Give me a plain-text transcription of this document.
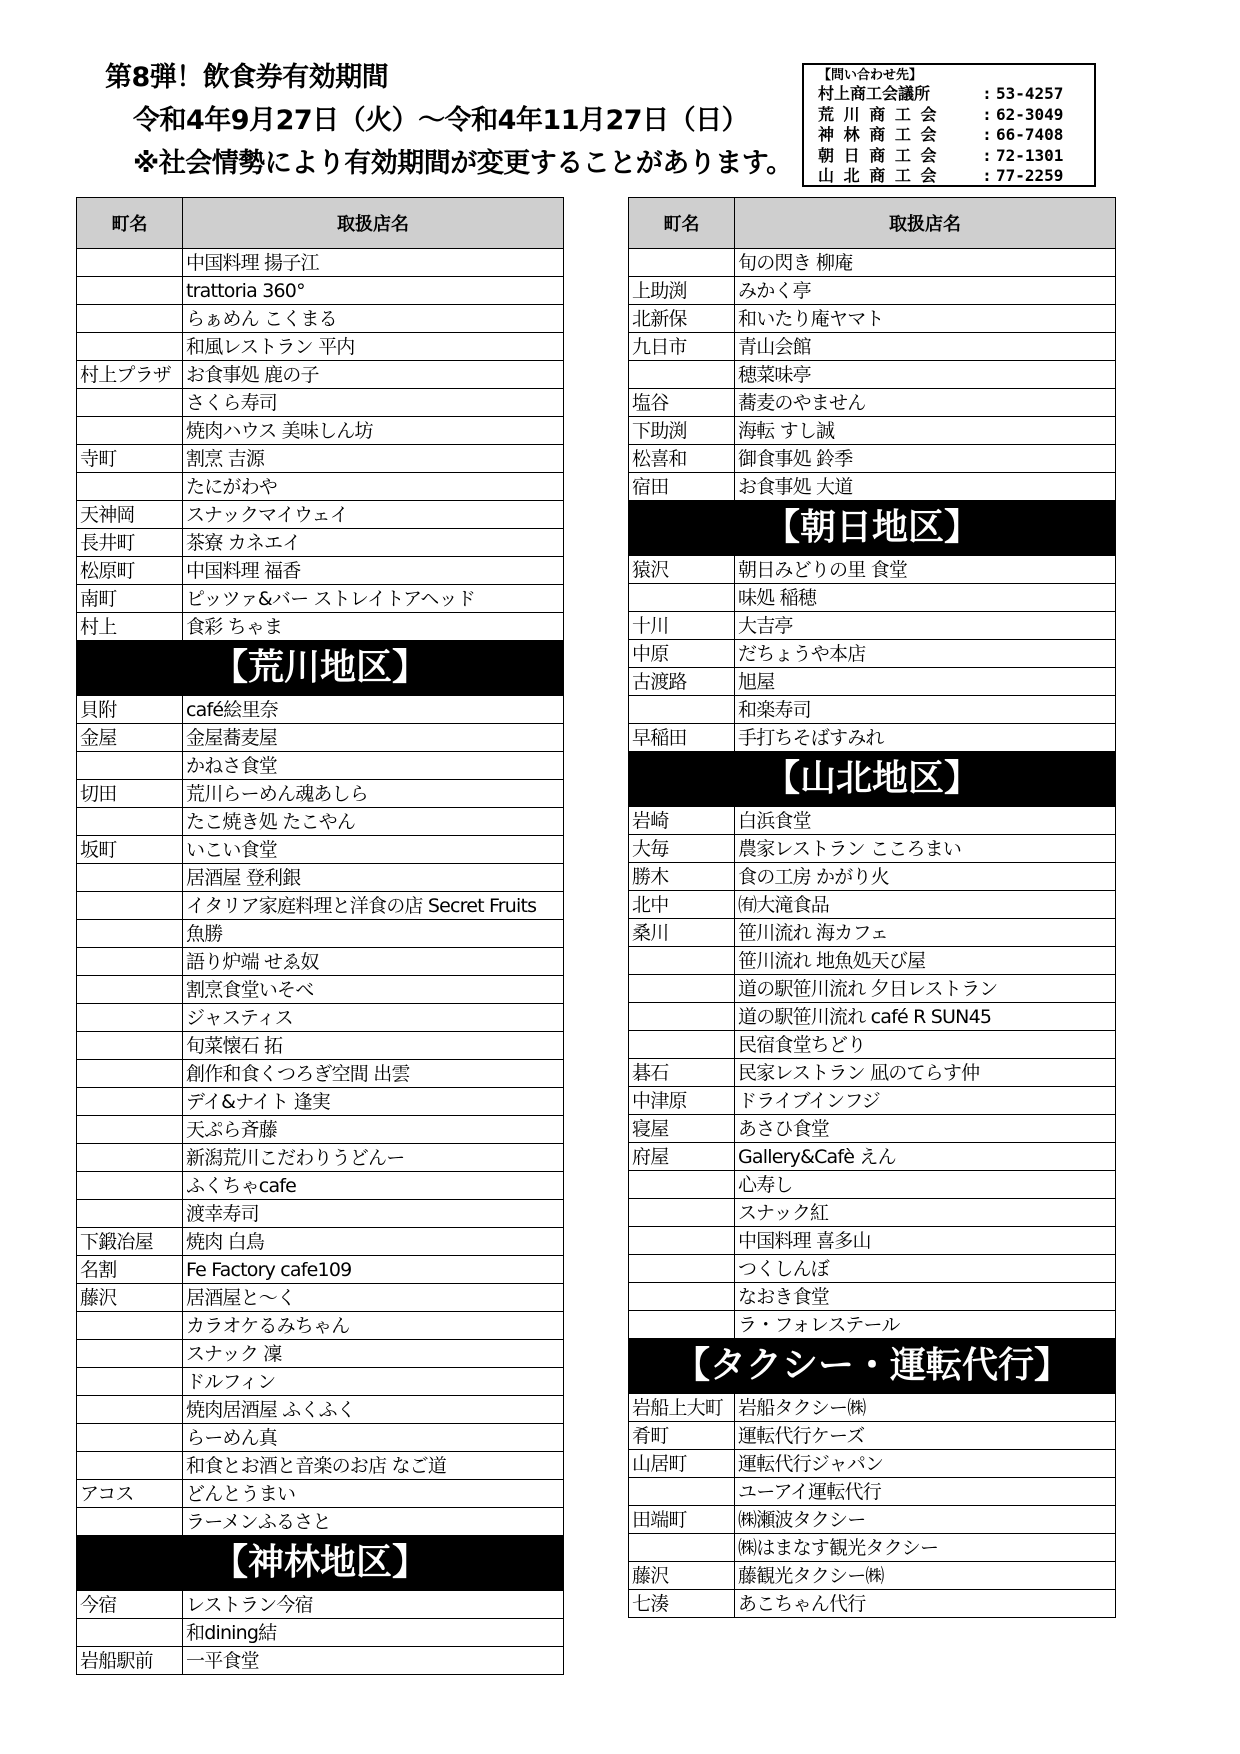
第8弾！飲食券有効期間
令和4年9月27日（火）～令和4年11月27日（日）
※社会情勢により有効期間が変更することがあります。
【問い合わせ先】
村上商工会議所	: 53-4257
荒 川 商 工 会	: 62-3049
神 林 商 工 会	: 66-7408
朝 日 商 工 会	: 72-1301
山 北 商 工 会	: 77-2259
町名	取扱店名
	中国料理 揚子江
	trattoria 360°
	らぁめん こくまる
	和風レストラン 平内
村上プラザ	お食事処 鹿の子
	さくら寿司
	焼肉ハウス 美味しん坊
寺町	割烹 吉源
	たにがわや
天神岡	スナックマイウェイ
長井町	茶寮 カネエイ
松原町	中国料理 福香
南町	ピッツァ&バー ストレイトアヘッド
村上	食彩 ちゃま
【荒川地区】	
貝附	café絵里奈
金屋	金屋蕎麦屋
	かねさ食堂
切田	荒川らーめん魂あしら
	たこ焼き処 たこやん
坂町	いこい食堂
	居酒屋 登利銀
	イタリア家庭料理と洋食の店 Secret Fruits
	魚勝
	語り炉端 せゑ奴
	割烹食堂いそべ
	ジャスティス
	旬菜懐石 拓
	創作和食くつろぎ空間 出雲
	デイ&ナイト 逢実
	天ぷら斉藤
	新潟荒川こだわりうどんー
	ふくちゃcafe
	渡幸寿司
下鍛冶屋	焼肉 白鳥
名割	Fe Factory cafe109
藤沢	居酒屋と～く
	カラオケるみちゃん
	スナック 凜
	ドルフィン
	焼肉居酒屋 ふくふく
	らーめん真
	和食とお酒と音楽のお店 なご道
アコス	どんとうまい
	ラーメンふるさと
【神林地区】	
今宿	レストラン今宿
	和dining結
岩船駅前	一平食堂
町名	取扱店名
	旬の閃き 柳庵
上助渕	みかく亭
北新保	和いたり庵ヤマト
九日市	青山会館
	穂菜味亭
塩谷	蕎麦のやません
下助渕	海転 すし誠
松喜和	御食事処 鈴季
宿田	お食事処 大道
【朝日地区】	
猿沢	朝日みどりの里 食堂
	味処 稲穂
十川	大吉亭
中原	だちょうや本店
古渡路	旭屋
	和楽寿司
早稲田	手打ちそばすみれ
【山北地区】	
岩崎	白浜食堂
大毎	農家レストラン こころまい
勝木	食の工房 かがり火
北中	㈲大滝食品
桑川	笹川流れ 海カフェ
	笹川流れ 地魚処天び屋
	道の駅笹川流れ 夕日レストラン
	道の駅笹川流れ café R SUN45
	民宿食堂ちどり
碁石	民家レストラン 凪のてらす仲
中津原	ドライブインフジ
寝屋	あさひ食堂
府屋	Gallery&Cafè えん
	心寿し
	スナック紅
	中国料理 喜多山
	つくしんぼ
	なおき食堂
	ラ・フォレステール
【タクシー・運転代行】	
岩船上大町	岩船タクシー㈱
肴町	運転代行ケーズ
山居町	運転代行ジャパン
	ユーアイ運転代行
田端町	㈱瀬波タクシー
	㈱はまなす観光タクシー
藤沢	藤観光タクシー㈱
七湊	あこちゃん代行
